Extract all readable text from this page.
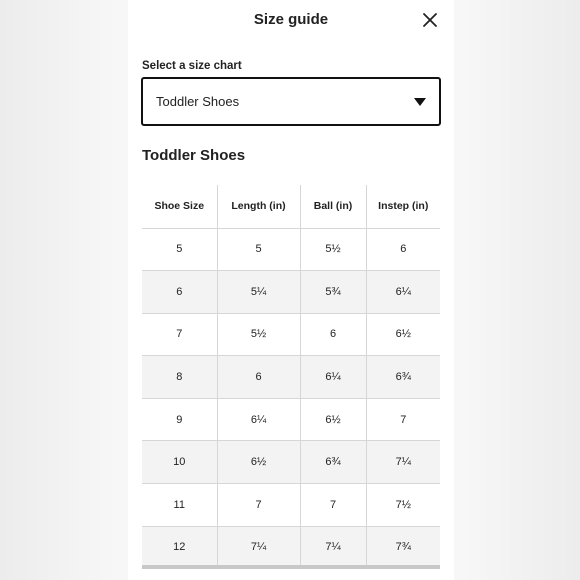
Size guide
Select a size chart
Toddler Shoes
Toddler Shoes
Shoe Size	Length (in)	Ball (in)	Instep (in)
5	5	5½	6
6	5¼	5¾	6¼
7	5½	6	6½
8	6	6¼	6¾
9	6¼	6½	7
10	6½	6¾	7¼
11	7	7	7½
12	7¼	7¼	7¾
